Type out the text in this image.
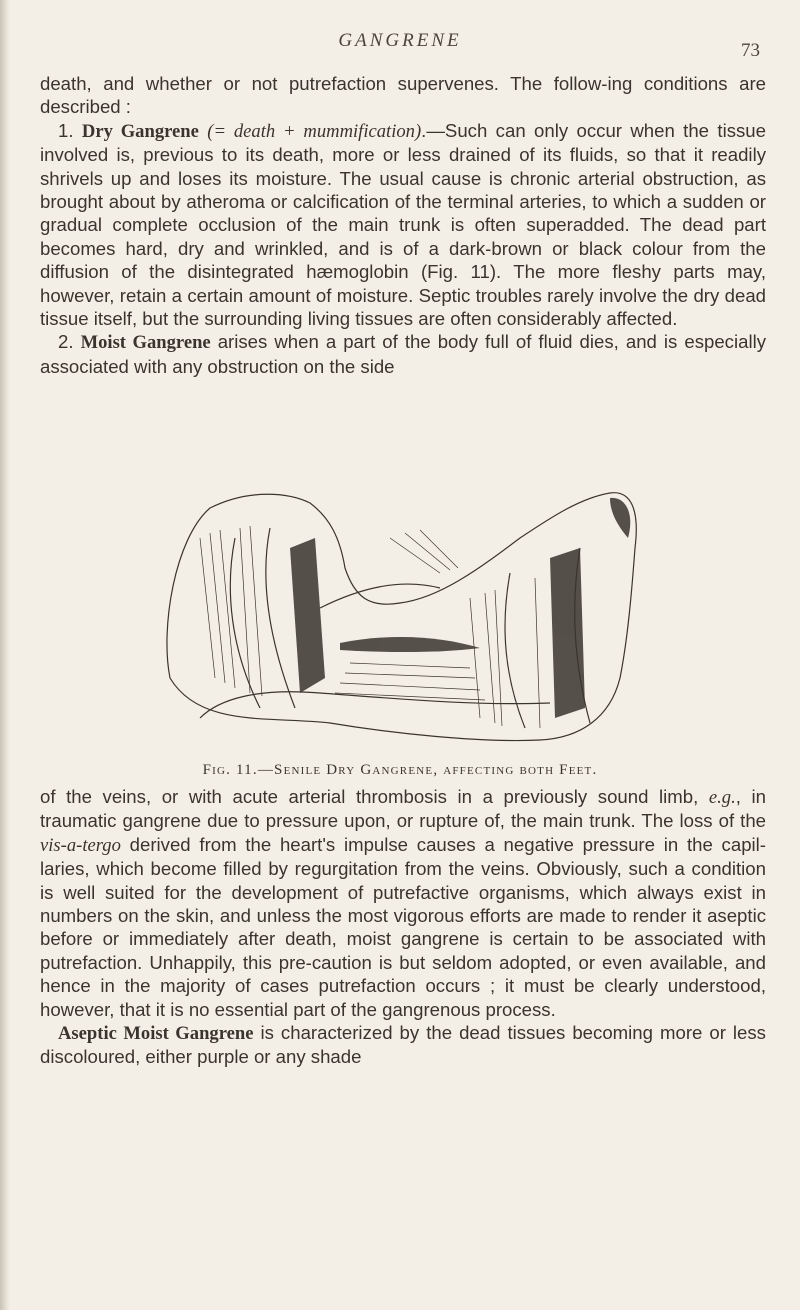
GANGRENE	73

death, and whether or not putrefaction supervenes. The follow-ing conditions are described :

1. Dry Gangrene (= death + mummification).—Such can only occur when the tissue involved is, previous to its death, more or less drained of its fluids, so that it readily shrivels up and loses its moisture. The usual cause is chronic arterial obstruction, as brought about by atheroma or calcification of the terminal arteries, to which a sudden or gradual complete occlusion of the main trunk is often superadded. The dead part becomes hard, dry and wrinkled, and is of a dark-brown or black colour from the diffusion of the disintegrated hæmoglobin (Fig. 11). The more fleshy parts may, however, retain a certain amount of moisture. Septic troubles rarely involve the dry dead tissue itself, but the surrounding living tissues are often considerably affected.

2. Moist Gangrene arises when a part of the body full of fluid dies, and is especially associated with any obstruction on the side

Fig. 11.—Senile Dry Gangrene, affecting both Feet.

of the veins, or with acute arterial thrombosis in a previously sound limb, e.g., in traumatic gangrene due to pressure upon, or rupture of, the main trunk. The loss of the vis-a-tergo derived from the heart's impulse causes a negative pressure in the capil-laries, which become filled by regurgitation from the veins. Obviously, such a condition is well suited for the development of putrefactive organisms, which always exist in numbers on the skin, and unless the most vigorous efforts are made to render it aseptic before or immediately after death, moist gangrene is certain to be associated with putrefaction. Unhappily, this pre-caution is but seldom adopted, or even available, and hence in the majority of cases putrefaction occurs ; it must be clearly understood, however, that it is no essential part of the gangrenous process.

Aseptic Moist Gangrene is characterized by the dead tissues becoming more or less discoloured, either purple or any shade
